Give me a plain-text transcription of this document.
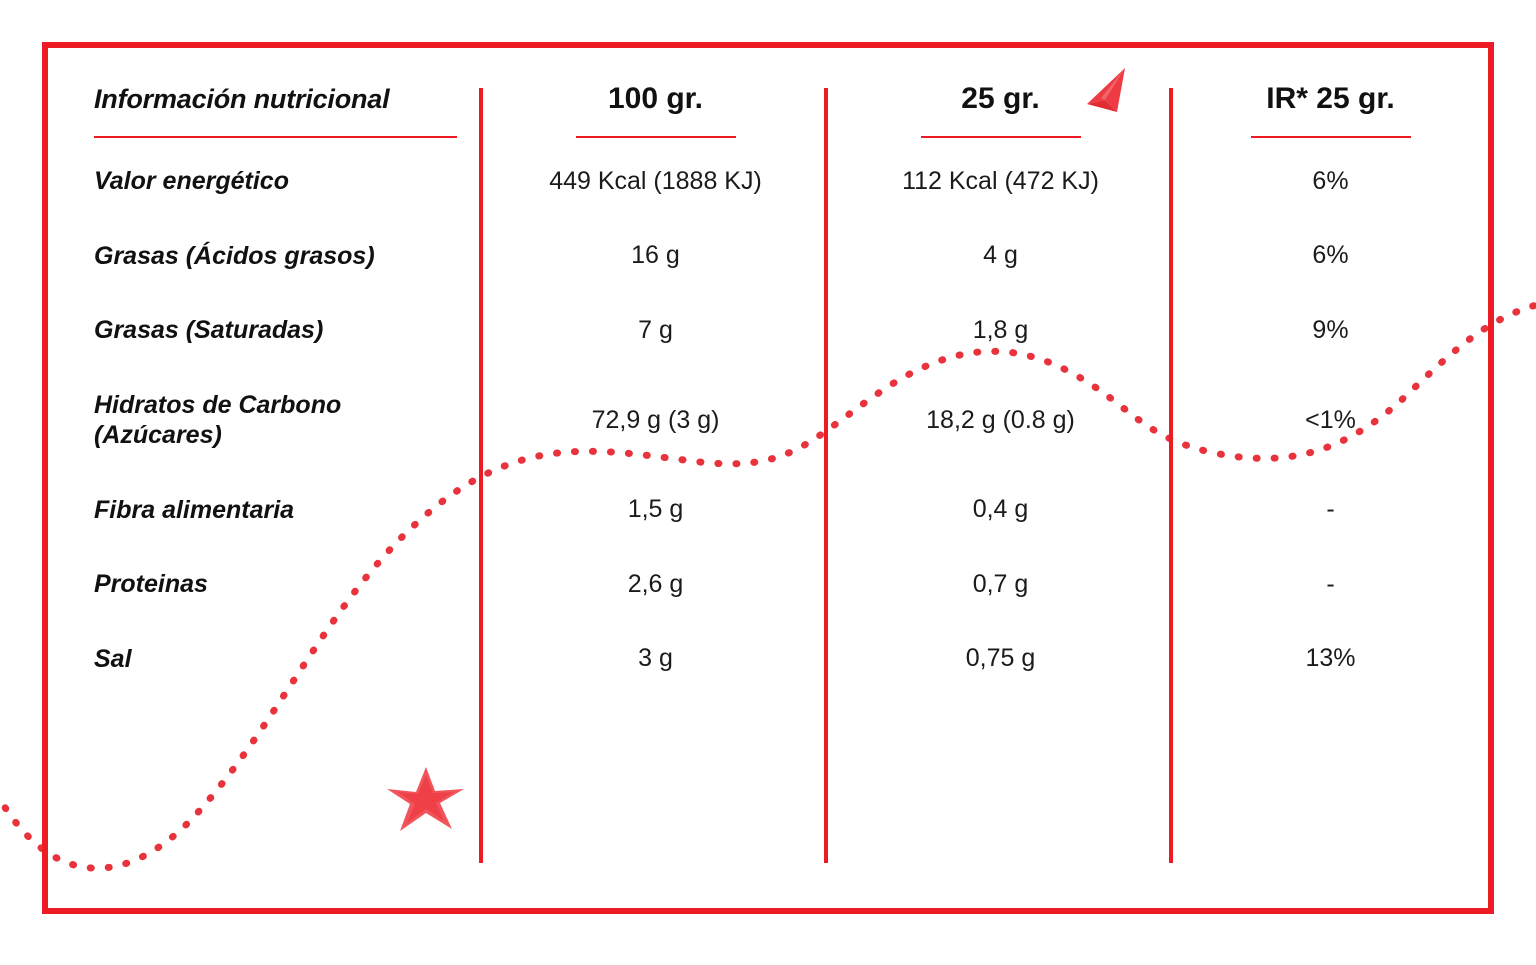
Información nutricional	100 gr.	25 gr.	IR* 25 gr.

Valor energético	449 Kcal (1888 KJ)	112 Kcal (472 KJ)	6%
Grasas (Ácidos grasos)	16 g	4 g	6%
Grasas (Saturadas)	7 g	1,8 g	9%
Hidratos de Carbono (Azúcares)	72,9 g (3 g)	18,2 g (0.8 g)	<1%
Fibra alimentaria	1,5 g	0,4 g	-
Proteinas	2,6 g	0,7 g	-
Sal	3 g	0,75 g	13%
